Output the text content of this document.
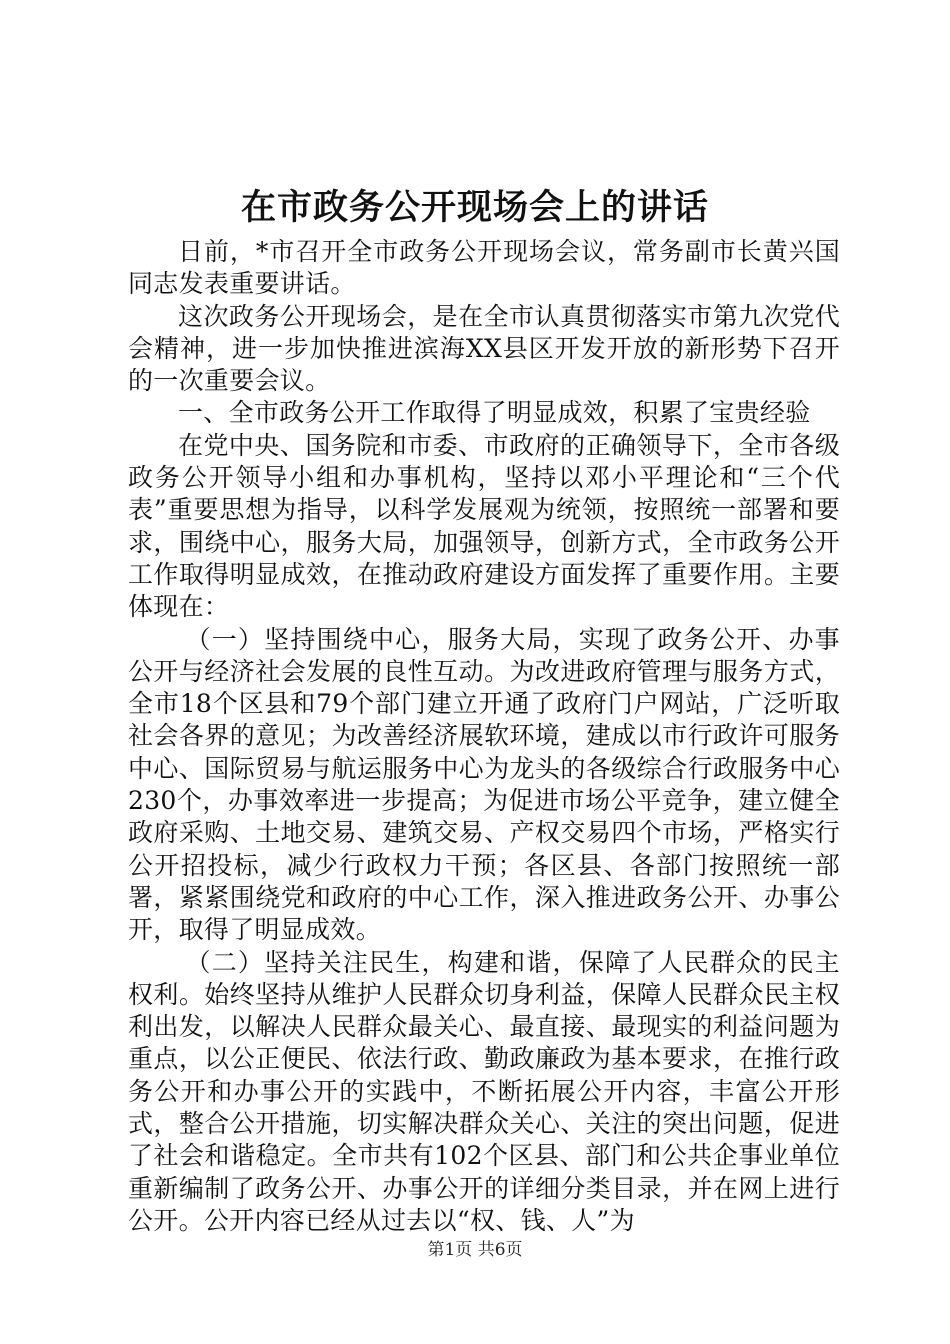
在市政务公开现场会上的讲话

日前，*市召开全市政务公开现场会议，常务副市长黄兴国同志发表重要讲话。

这次政务公开现场会，是在全市认真贯彻落实市第九次党代会精神，进一步加快推进滨海XX县区开发开放的新形势下召开的一次重要会议。

一、全市政务公开工作取得了明显成效，积累了宝贵经验

在党中央、国务院和市委、市政府的正确领导下，全市各级政务公开领导小组和办事机构，坚持以邓小平理论和“三个代表”重要思想为指导，以科学发展观为统领，按照统一部署和要求，围绕中心，服务大局，加强领导，创新方式，全市政务公开工作取得明显成效，在推动政府建设方面发挥了重要作用。主要体现在：

（一）坚持围绕中心，服务大局，实现了政务公开、办事公开与经济社会发展的良性互动。为改进政府管理与服务方式，全市18个区县和79个部门建立开通了政府门户网站，广泛听取社会各界的意见；为改善经济展软环境，建成以市行政许可服务中心、国际贸易与航运服务中心为龙头的各级综合行政服务中心230个，办事效率进一步提高；为促进市场公平竞争，建立健全政府采购、土地交易、建筑交易、产权交易四个市场，严格实行公开招投标，减少行政权力干预；各区县、各部门按照统一部署，紧紧围绕党和政府的中心工作，深入推进政务公开、办事公开，取得了明显成效。

（二）坚持关注民生，构建和谐，保障了人民群众的民主权利。始终坚持从维护人民群众切身利益，保障人民群众民主权利出发，以解决人民群众最关心、最直接、最现实的利益问题为重点，以公正便民、依法行政、勤政廉政为基本要求，在推行政务公开和办事公开的实践中，不断拓展公开内容，丰富公开形式，整合公开措施，切实解决群众关心、关注的突出问题，促进了社会和谐稳定。全市共有102个区县、部门和公共企事业单位重新编制了政务公开、办事公开的详细分类目录，并在网上进行公开。公开内容已经从过去以“权、钱、人”为

第1页 共6页
